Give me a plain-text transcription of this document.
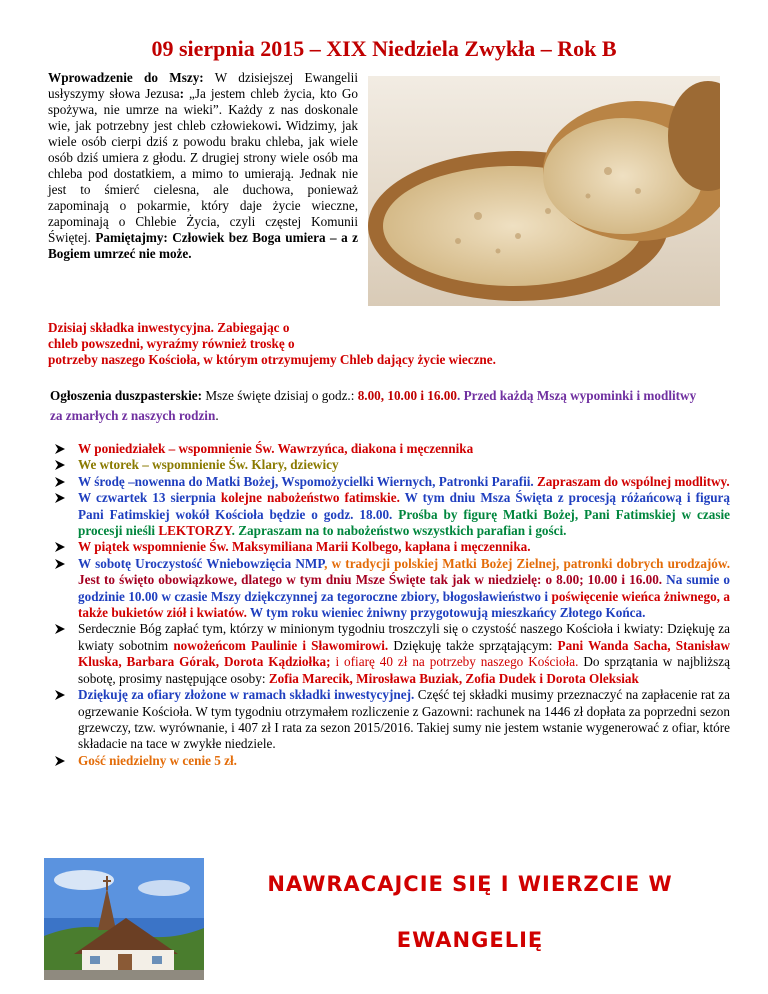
09 sierpnia 2015 – XIX Niedziela Zwykła – Rok B
Wprowadzenie do Mszy: W dzisiejszej Ewangelii usłyszymy słowa Jezusa: „Ja jestem chleb życia, kto Go spożywa, nie umrze na wieki”. Każdy z nas doskonale wie, jak potrzebny jest chleb człowiekowi. Widzimy, jak wiele osób cierpi dziś z powodu braku chleba, jak wiele osób dziś umiera z głodu. Z drugiej strony wiele osób ma chleba pod dostatkiem, a mimo to umierają. Jednak nie jest to śmierć cielesna, ale duchowa, ponieważ zapominają o pokarmie, który daje życie wieczne, zapominają o Chlebie Życia, czyli częstej Komunii Świętej. Pamiętajmy: Człowiek bez Boga umiera – a z Bogiem umrzeć nie może.
Dzisiaj składka inwestycyjna. Zabiegając o
chleb powszedni, wyraźmy również troskę o
potrzeby naszego Kościoła, w którym otrzymujemy Chleb dający życie wieczne.
Ogłoszenia duszpasterskie: Msze święte dzisiaj o godz.: 8.00, 10.00 i 16.00. Przed każdą Mszą wypominki i modlitwy za zmarłych z naszych rodzin.
W poniedziałek – wspomnienie Św. Wawrzyńca, diakona i męczennika
We wtorek – wspomnienie Św. Klary, dziewicy
W środę –nowenna do Matki Bożej, Wspomożycielki Wiernych, Patronki Parafii. Zapraszam do wspólnej modlitwy.
W czwartek 13 sierpnia kolejne nabożeństwo fatimskie. W tym dniu Msza Święta z procesją różańcową i figurą Pani Fatimskiej wokół Kościoła będzie o godz. 18.00. Prośba by figurę Matki Bożej, Pani Fatimskiej w czasie procesji nieśli LEKTORZY. Zapraszam na to nabożeństwo wszystkich parafian i gości.
W piątek wspomnienie Św. Maksymiliana Marii Kolbego, kapłana i męczennika.
W sobotę Uroczystość Wniebowzięcia NMP, w tradycji polskiej Matki Bożej Zielnej, patronki dobrych urodzajów. Jest to święto obowiązkowe, dlatego w tym dniu Msze Święte tak jak w niedzielę: o 8.00; 10.00 i 16.00. Na sumie o godzinie 10.00 w czasie Mszy dziękczynnej za tegoroczne zbiory, błogosławieństwo i poświęcenie wieńca żniwnego, a także bukietów ziół i kwiatów. W tym roku wieniec żniwny przygotowują mieszkańcy Złotego Końca.
Serdecznie Bóg zapłać tym, którzy w minionym tygodniu troszczyli się o czystość naszego Kościoła i kwiaty: Dziękuję za kwiaty sobotnim nowożeńcom Paulinie i Sławomirowi. Dziękuję także sprzątającym: Pani Wanda Sacha, Stanisław Kluska, Barbara Górak, Dorota Kądziołka; i ofiarę 40 zł na potrzeby naszego Kościoła. Do sprzątania w najbliższą sobotę, prosimy następujące osoby: Zofia Marecik, Mirosława Buziak, Zofia Dudek i Dorota Oleksiak
Dziękuję za ofiary złożone w ramach składki inwestycyjnej. Część tej składki musimy przeznaczyć na zapłacenie rat za ogrzewanie Kościoła. W tym tygodniu otrzymałem rozliczenie z Gazowni: rachunek na 1446 zł dopłata za poprzedni sezon grzewczy, tzw. wyrównanie, i 407 zł I rata za sezon 2015/2016. Takiej sumy nie jestem wstanie wygenerować z ofiar, które składacie na tace w zwykłe niedziele.
Gość niedzielny w cenie 5 zł.
NAWRACAJCIE SIĘ I WIERZCIE W
EWANGELIĘ
